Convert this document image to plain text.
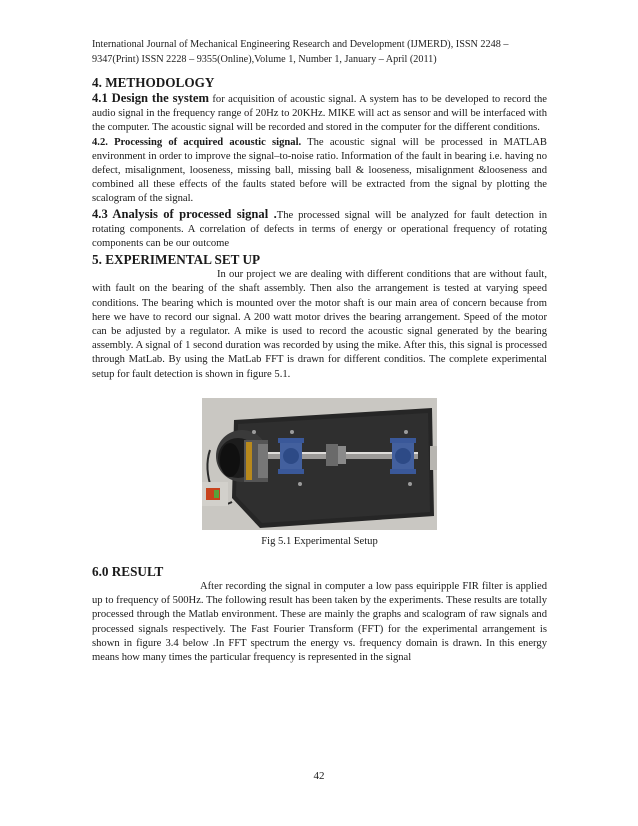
International Journal of Mechanical Engineering Research and Development (IJMERD), ISSN 2248 –
9347(Print) ISSN 2228 – 9355(Online),Volume 1, Number 1, January – April (2011)

4. METHODOLOGY

4.1 Design the system for acquisition of acoustic signal. A system has to be developed to record the audio signal in the frequency range of 20Hz to 20KHz. MIKE will act as sensor and will be interfaced with the computer. The acoustic signal will be recorded and stored in the computer for the different conditions.

4.2. Processing of acquired acoustic signal. The acoustic signal will be processed in MATLAB environment in order to improve the signal–to-noise ratio. Information of the fault in bearing i.e. having no defect, misalignment, looseness, missing ball, missing ball & looseness, misalignment &looseness and combined all these effects of the faults stated before will be extracted from the signal by plotting the scalogram of the signal.

4.3 Analysis of processed signal .The processed signal will be analyzed for fault detection in rotating components. A correlation of defects in terms of energy or operational frequency of rotating components can be our outcome

5. EXPERIMENTAL SET UP

In our project we are dealing with different conditions that are without fault, with fault on the bearing of the shaft assembly. Then also the arrangement is tested at varying speed conditions. The bearing which is mounted over the motor shaft is our main area of concern because from here we have to record our signal. A 200 watt motor drives the bearing arrangement. Speed of the motor can be adjusted by a regulator. A mike is used to record the acoustic signal generated by the bearing assembly. A signal of 1 second duration was recorded by using the mike. After this, this signal is processed through MatLab. By using the MatLab FFT is drawn for different conditios. The complete experimental setup for fault detection is shown in figure 5.1.

Fig 5.1 Experimental Setup

6.0 RESULT

After recording the signal in computer a low pass equiripple FIR filter is applied up to frequency of 500Hz. The following result has been taken by the experiments. These results are totally processed through the Matlab environment. These are mainly the graphs and scalogram of raw signals and processed signals respectively. The Fast Fourier Transform (FFT) for the experimental arrangement is shown in figure 3.4 below .In FFT spectrum the energy vs. frequency domain is drawn. In this energy means how many times the particular frequency is represented in the signal

42
